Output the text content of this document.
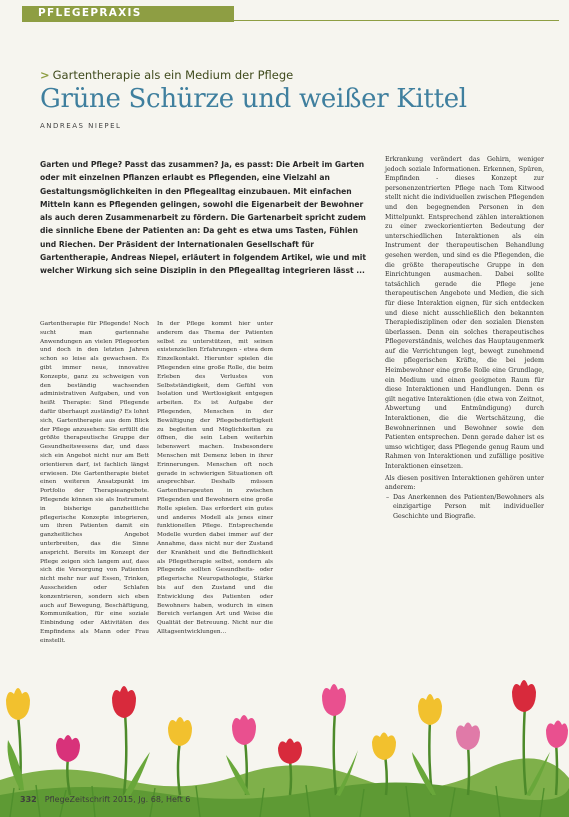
PFLEGEPRAXIS
> Gartentherapie als ein Medium der Pflege
Grüne Schürze und weißer Kittel
ANDREAS NIEPEL

Garten und Pflege? Passt das zusammen? Ja, es passt: Die Arbeit im Garten oder mit einzelnen Pflanzen erlaubt es Pflegenden, eine Vielzahl an Gestaltungsmöglichkeiten in den Pflegealltag einzubauen. Mit einfachen Mitteln kann es Pflegenden gelingen, sowohl die Eigenarbeit der Bewohner als auch deren Zusammenarbeit zu fördern. Die Gartenarbeit spricht zudem die sinnliche Ebene der Patienten an: Da geht es etwa ums Tasten, Fühlen und Riechen. Der Präsident der Internationalen Gesellschaft für Gartentherapie, Andreas Niepel, erläutert in folgendem Artikel, wie und mit welcher Wirkung sich seine Disziplin in den Pflegealltag integrieren lässt ...

Gartentherapie für Pflegende! Noch sucht man gartennahe Anwendungen an vielen Pflegeorten und doch in den letzten Jahren schon so leise als gewachsen. Es gibt immer neue, innovative Konzepte, ganz zu schweigen von den beständig wachsenden administrativen Aufgaben, und von heißt Therapie: Sind Pflegende dafür überhaupt zuständig? Es lohnt sich, Gartentherapie aus dem Blick der Pflege anzusehen: Sie erfüllt die größte therapeutische Gruppe der Gesundheitswesens dar, und dass sich ein Angebot nicht nur am Bett orientieren darf, ist fachlich längst erwiesen. Die Gartentherapie bietet einen weiteren Ansatzpunkt im Portfolio der Therapieangebote. Pflegende können sie als Instrument in bisherige ganzheitliche pflegerische Konzepte integrieren, um ihren Patienten damit ein ganzheitliches Angebot unterbreiten, das die Sinne anspricht. Bereits im Konzept der Pflege zeigen sich langem auf, dass sich die Versorgung von Patienten nicht mehr nur auf Essen, Trinken, Ausscheiden oder Schlafen konzentrieren, sondern sich eben auch auf Bewegung, Beschäftigung, Kommunikation, für eine soziale Einbindung oder Aktivitäten des Empfindens als Mann oder Frau einstellt.

In der Pflege kommt hier unter anderem das Thema der Patienten selbst zu unterstützen, mit seinen existenziellen Erfahrungen - etwa dem Einzelkontakt. Hierunter spielen die Pflegenden eine große Rolle, die beim Erleben des Verlustes von Selbstständigkeit, dem Gefühl von Isolation und Wertlosigkeit entgegen arbeiten. Es ist Aufgabe der Pflegenden, Menschen in der Bewältigung der Pflegebedürftigkeit zu begleiten und Möglichkeiten zu öffnen, die sein Leben weiterhin lebenswert machen. Insbesondere Menschen mit Demenz leben in ihrer Erinnerungen. Menschen oft noch gerade in schwierigen Situationen oft ansprechbar. Deshalb müssen Gartentherapeuten in zwischen Pflegenden und Bewohnern eine große Rolle spielen. Das erfordert ein gutes und anderes Modell als jenes einer funktionellen Pflege. Entsprechende Modelle wurden dabei immer auf der Annahme, dass nicht nur der Zustand der Krankheit und die Befindlichkeit als Pflegetherapie selbst, sondern als Pflegende sollten Gesundheits- oder pflegerische Neuropathologie, Stärke bis auf den Zustand und die Entwicklung des Patienten oder Bewohners haben, wodurch in einen Bereich verlangen Art und Weise die Qualität der Betreuung. Nicht nur die Alltagsentwicklungen...

Erkrankung verändert das Gehirn, weniger jedoch soziale Informationen. Erkennen, Spüren, Empfinden - dieses Konzept zur personenzentrierten Pflege nach Tom Kitwood stellt nicht die individuellen zwischen Pflegenden und den begegnenden Personen in den Mittelpunkt. Entsprechend zählen interaktionen zu einer zweckorientierten Bedeutung der unterschiedlichen Interaktionen als ein Instrument der therapeutischen Behandlung gesehen werden, und sind es die Pflegenden, die die größte therapeutische Gruppe in den Einrichtungen ausmachen. Dabei sollte tatsächlich gerade die Pflege jene therapeutischen Angebote und Medien, die sich für diese Interaktion eignen, für sich entdecken und diese nicht ausschließlich den bekannten Therapiedisziplinen oder den sozialen Diensten überlassen. Denn ein solches therapeutisches Pflegeverständnis, welches das Hauptaugenmerk auf die Verrichtungen legt, bewegt zunehmend die pflegerischen Kräfte, die bei jedem Heimbewohner eine große Rolle eine Grundlage, ein Medium und einen geeigneten Raum für diese Interaktionen und Handlungen. Denn es gilt negative Interaktionen (die etwa von Zeitnot, Abwertung und Entmündigung) durch Interaktionen, die die Wertschätzung, die Bewohnerinnen und Bewohner sowie den Patienten entsprechen. Denn gerade daher ist es umso wichtiger, dass Pflegende genug Raum und Rahmen von Interaktionen und zufällige positive Interaktionen einsetzen.

Als diesen positiven Interaktionen gehören unter anderem:

– Das Anerkennen des Patienten/Bewohners als einzigartige Person mit individueller Geschichte und Biografie.

332 PflegeZeitschrift 2015, Jg. 68, Heft 6
